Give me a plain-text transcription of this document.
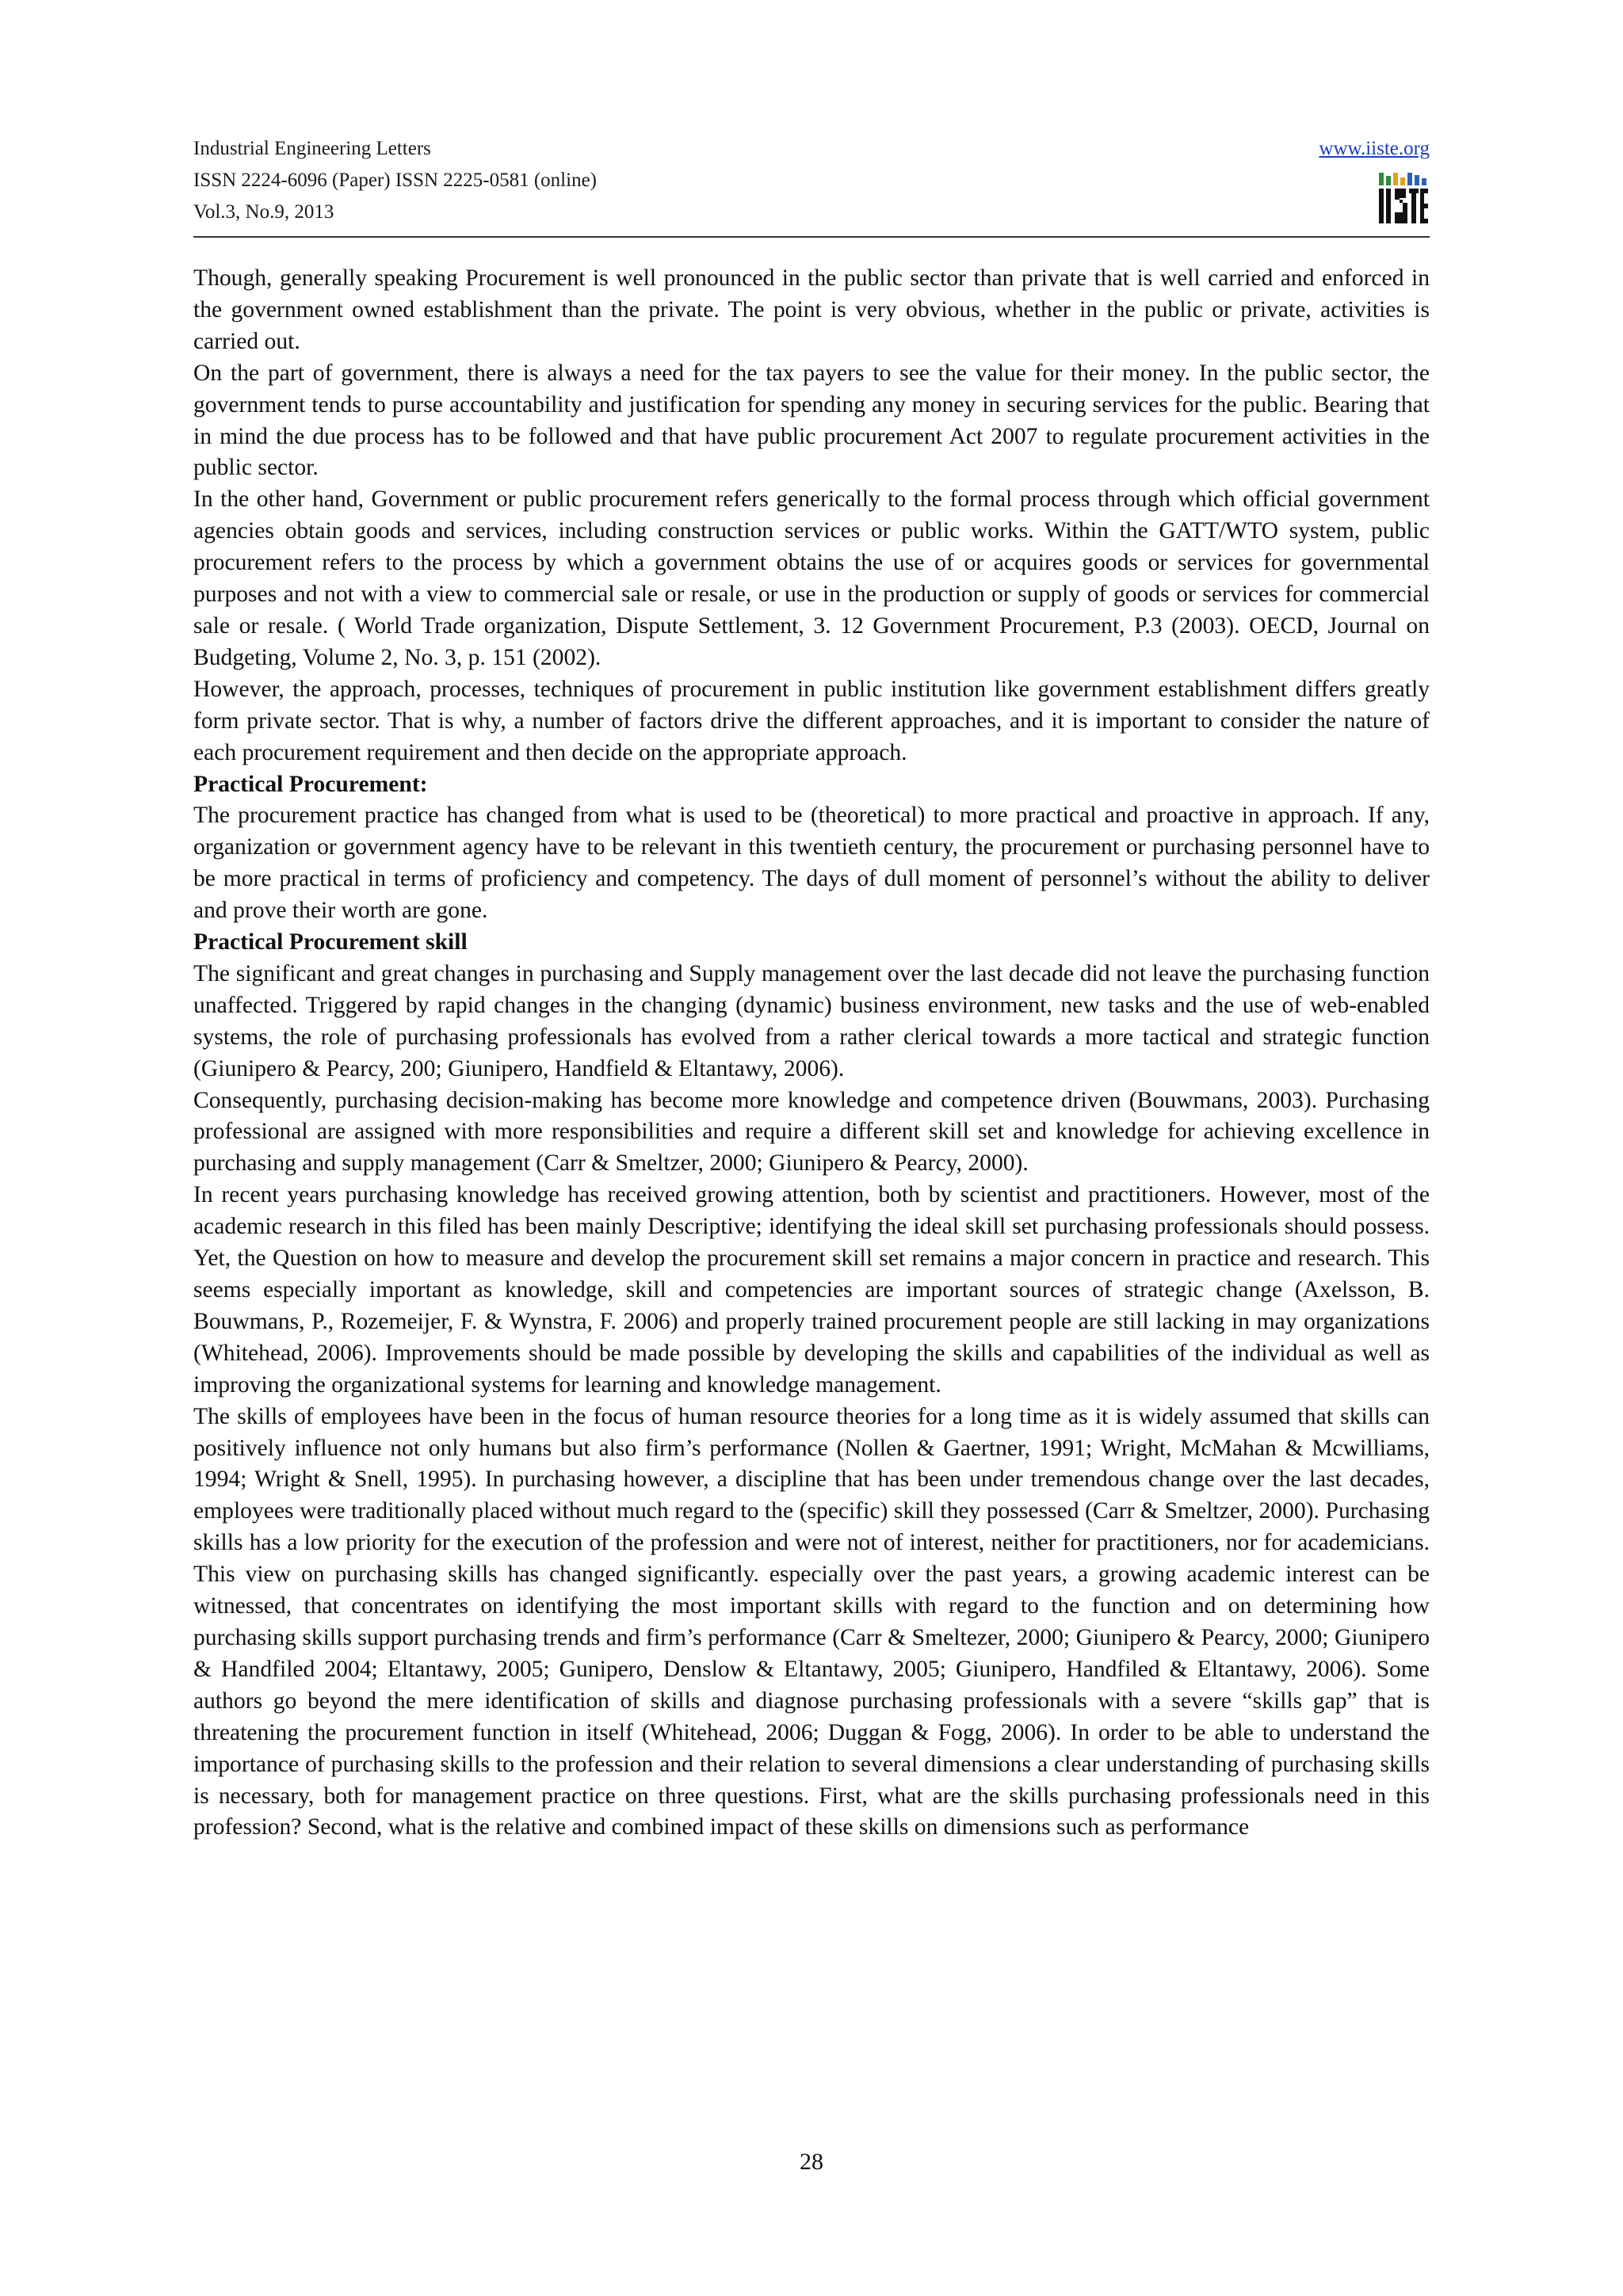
Industrial Engineering Letters
ISSN 2224-6096 (Paper) ISSN 2225-0581 (online)
Vol.3, No.9, 2013
www.iiste.org

Though, generally speaking Procurement is well pronounced in the public sector than private that is well carried and enforced in the government owned establishment than the private. The point is very obvious, whether in the public or private, activities is carried out.

On the part of government, there is always a need for the tax payers to see the value for their money. In the public sector, the government tends to purse accountability and justification for spending any money in securing services for the public. Bearing that in mind the due process has to be followed and that have public procurement Act 2007 to regulate procurement activities in the public sector.

In the other hand, Government or public procurement refers generically to the formal process through which official government agencies obtain goods and services, including construction services or public works. Within the GATT/WTO system, public procurement refers to the process by which a government obtains the use of or acquires goods or services for governmental purposes and not with a view to commercial sale or resale, or use in the production or supply of goods or services for commercial sale or resale. ( World Trade organization, Dispute Settlement, 3. 12 Government Procurement, P.3 (2003). OECD, Journal on Budgeting, Volume 2, No. 3, p. 151 (2002).

However, the approach, processes, techniques of procurement in public institution like government establishment differs greatly form private sector. That is why, a number of factors drive the different approaches, and it is important to consider the nature of each procurement requirement and then decide on the appropriate approach.

Practical Procurement:

The procurement practice has changed from what is used to be (theoretical) to more practical and proactive in approach. If any, organization or government agency have to be relevant in this twentieth century, the procurement or purchasing personnel have to be more practical in terms of proficiency and competency. The days of dull moment of personnel’s without the ability to deliver and prove their worth are gone.

Practical Procurement skill

The significant and great changes in purchasing and Supply management over the last decade did not leave the purchasing function unaffected. Triggered by rapid changes in the changing (dynamic) business environment, new tasks and the use of web-enabled systems, the role of purchasing professionals has evolved from a rather clerical towards a more tactical and strategic function (Giunipero & Pearcy, 200; Giunipero, Handfield & Eltantawy, 2006).

Consequently, purchasing decision-making has become more knowledge and competence driven (Bouwmans, 2003). Purchasing professional are assigned with more responsibilities and require a different skill set and knowledge for achieving excellence in purchasing and supply management (Carr & Smeltzer, 2000; Giunipero & Pearcy, 2000).

In recent years purchasing knowledge has received growing attention, both by scientist and practitioners. However, most of the academic research in this filed has been mainly Descriptive; identifying the ideal skill set purchasing professionals should possess. Yet, the Question on how to measure and develop the procurement skill set remains a major concern in practice and research. This seems especially important as knowledge, skill and competencies are important sources of strategic change (Axelsson, B. Bouwmans, P., Rozemeijer, F. & Wynstra, F. 2006) and properly trained procurement people are still lacking in may organizations (Whitehead, 2006). Improvements should be made possible by developing the skills and capabilities of the individual as well as improving the organizational systems for learning and knowledge management.

The skills of employees have been in the focus of human resource theories for a long time as it is widely assumed that skills can positively influence not only humans but also firm’s performance (Nollen & Gaertner, 1991; Wright, McMahan & Mcwilliams, 1994; Wright & Snell, 1995). In purchasing however, a discipline that has been under tremendous change over the last decades, employees were traditionally placed without much regard to the (specific) skill they possessed (Carr & Smeltzer, 2000). Purchasing skills has a low priority for the execution of the profession and were not of interest, neither for practitioners, nor for academicians. This view on purchasing skills has changed significantly. especially over the past years, a growing academic interest can be witnessed, that concentrates on identifying the most important skills with regard to the function and on determining how purchasing skills support purchasing trends and firm’s performance (Carr & Smeltezer, 2000; Giunipero & Pearcy, 2000; Giunipero & Handfiled 2004; Eltantawy, 2005; Gunipero, Denslow & Eltantawy, 2005; Giunipero, Handfiled & Eltantawy, 2006). Some authors go beyond the mere identification of skills and diagnose purchasing professionals with a severe “skills gap” that is threatening the procurement function in itself (Whitehead, 2006; Duggan & Fogg, 2006). In order to be able to understand the importance of purchasing skills to the profession and their relation to several dimensions a clear understanding of purchasing skills is necessary, both for management practice on three questions. First, what are the skills purchasing professionals need in this profession? Second, what is the relative and combined impact of these skills on dimensions such as performance

28
